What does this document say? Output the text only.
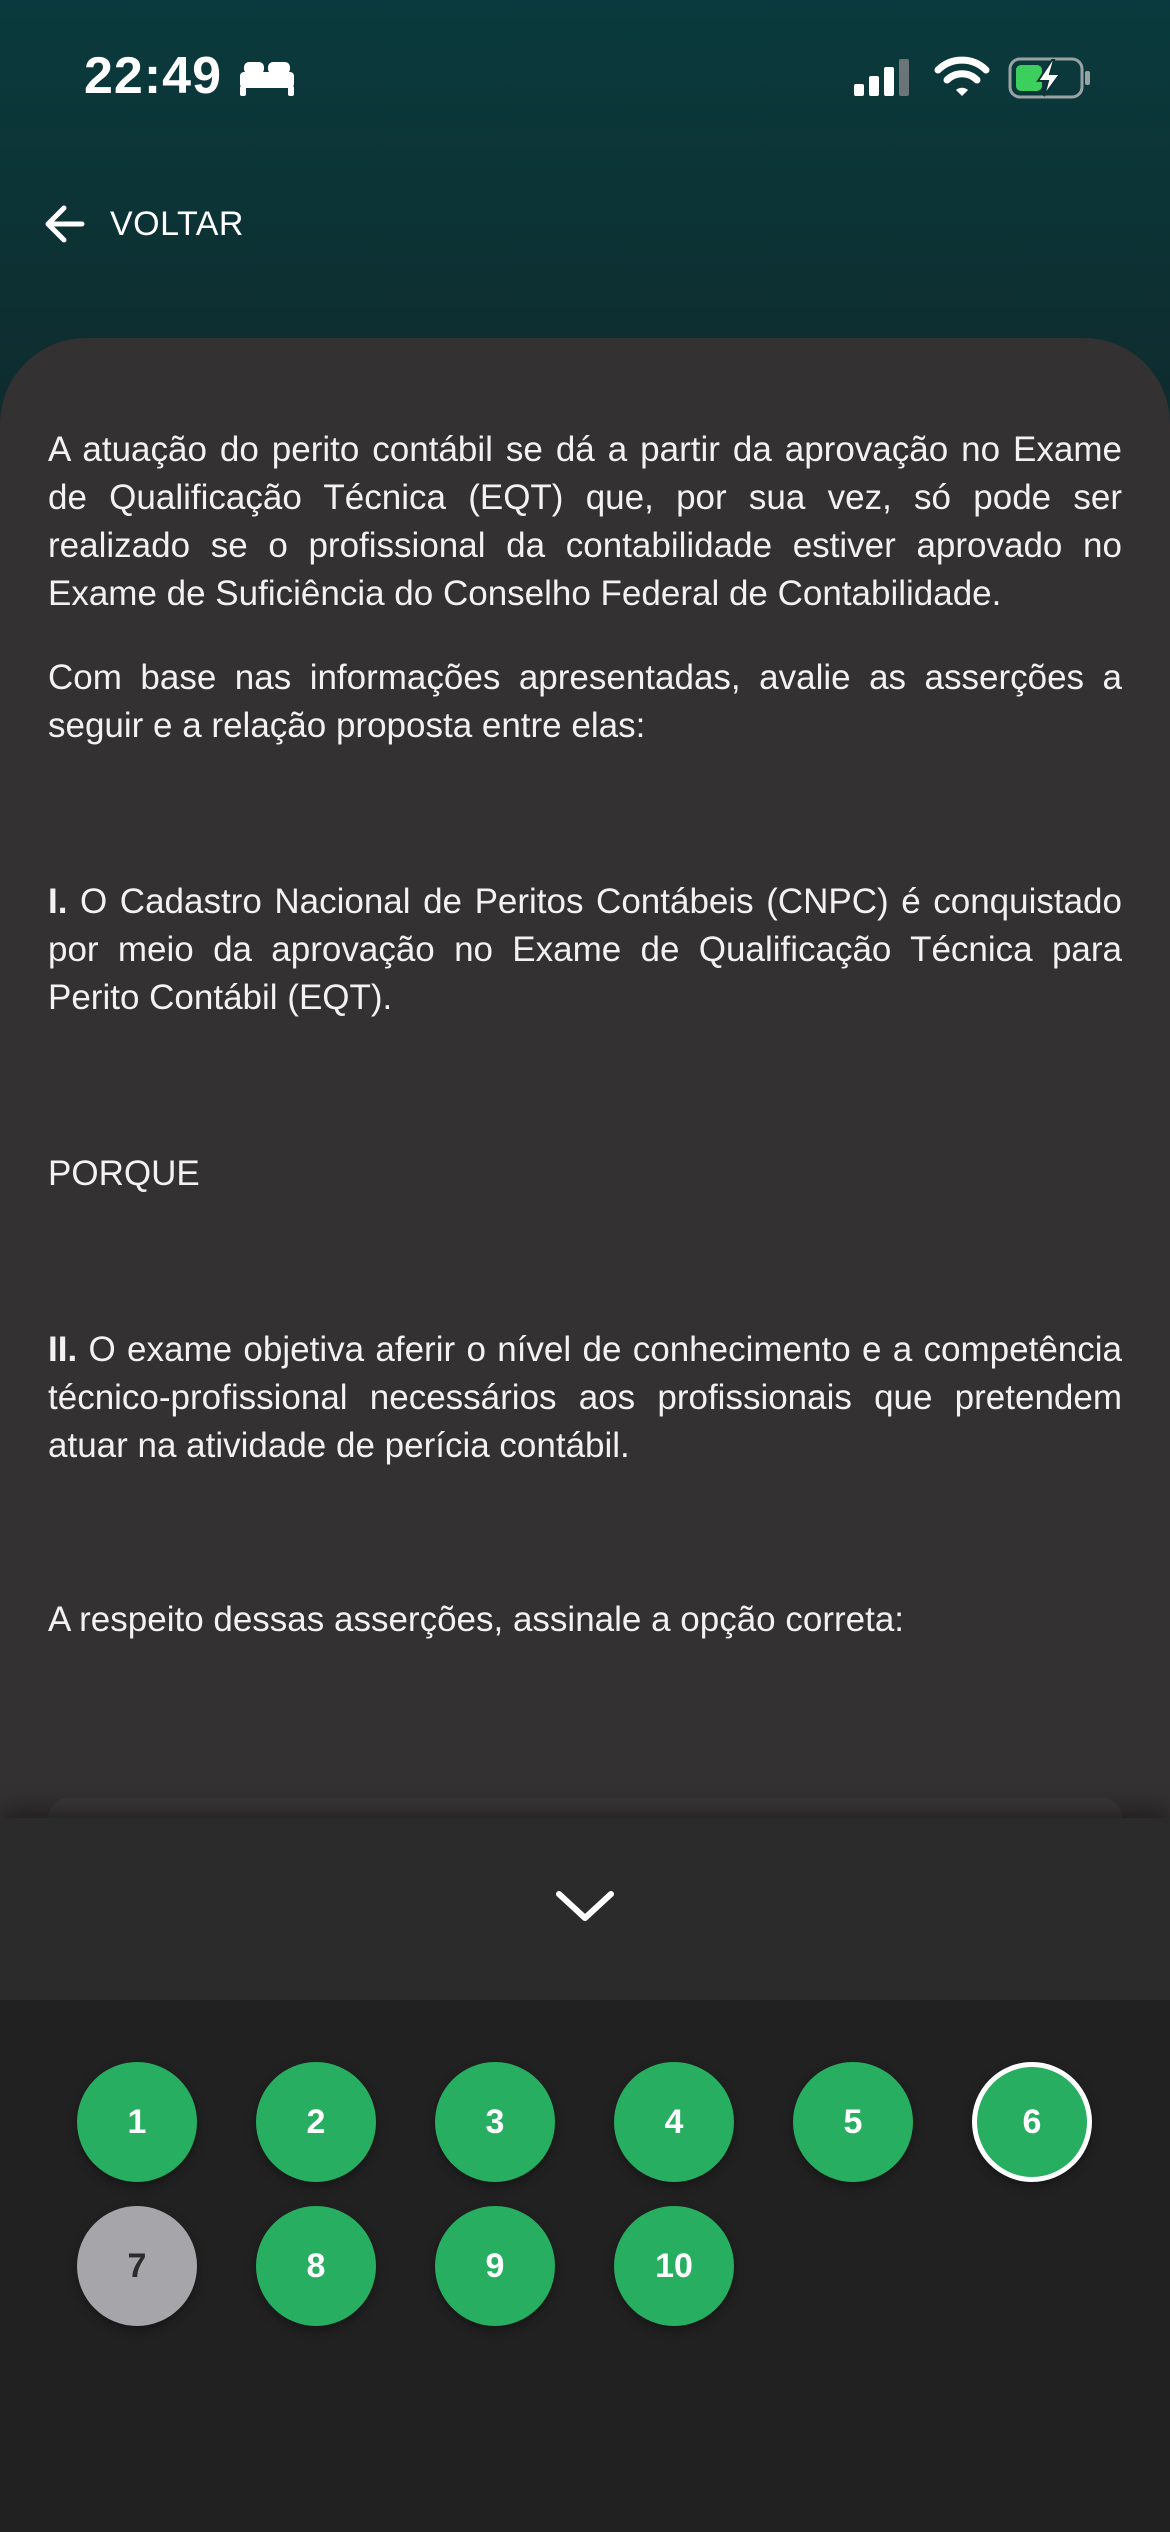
22:49
VOLTAR

A atuação do perito contábil se dá a partir da aprovação no Exame de Qualificação Técnica (EQT) que, por sua vez, só pode ser realizado se o profissional da contabilidade estiver aprovado no Exame de Suficiência do Conselho Federal de Contabilidade.

Com base nas informações apresentadas, avalie as asserções a seguir e a relação proposta entre elas:

I. O Cadastro Nacional de Peritos Contábeis (CNPC) é conquistado por meio da aprovação no Exame de Qualificação Técnica para Perito Contábil (EQT).

PORQUE

II. O exame objetiva aferir o nível de conhecimento e a competência técnico-profissional necessários aos profissionais que pretendem atuar na atividade de perícia contábil.

A respeito dessas asserções, assinale a opção correta:

1	2	3	4	5	6
7	8	9	10
